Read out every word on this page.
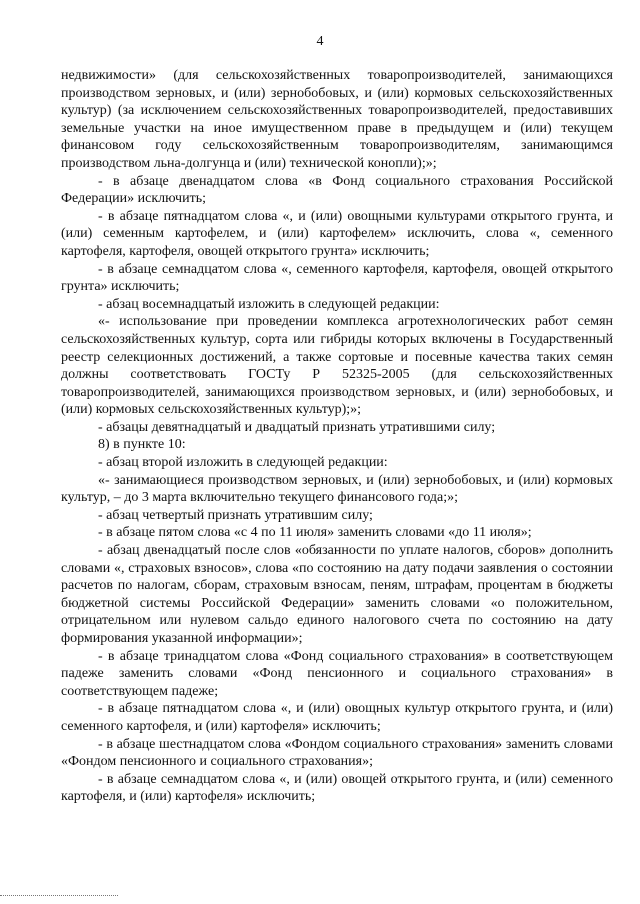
4

недвижимости» (для сельскохозяйственных товаропроизводителей, занимающихся производством зерновых, и (или) зернобобовых, и (или) кормовых сельскохозяйственных культур) (за исключением сельскохозяйственных товаропроизводителей, предоставивших земельные участки на иное имущественном праве в предыдущем и (или) текущем финансовом году сельскохозяйственным товаропроизводителям, занимающимся производством льна-долгунца и (или) технической конопли);»;

- в абзаце двенадцатом слова «в Фонд социального страхования Российской Федерации» исключить;

- в абзаце пятнадцатом слова «, и (или) овощными культурами открытого грунта, и (или) семенным картофелем, и (или) картофелем» исключить, слова «, семенного картофеля, картофеля, овощей открытого грунта» исключить;

- в абзаце семнадцатом слова «, семенного картофеля, картофеля, овощей открытого грунта» исключить;

- абзац восемнадцатый изложить в следующей редакции:

«- использование при проведении комплекса агротехнологических работ семян сельскохозяйственных культур, сорта или гибриды которых включены в Государственный реестр селекционных достижений, а также сортовые и посевные качества таких семян должны соответствовать ГОСТу Р 52325-2005 (для сельскохозяйственных товаропроизводителей, занимающихся производством зерновых, и (или) зернобобовых, и (или) кормовых сельскохозяйственных культур);»;

- абзацы девятнадцатый и двадцатый признать утратившими силу;

8) в пункте 10:

- абзац второй изложить в следующей редакции:

«- занимающиеся производством зерновых, и (или) зернобобовых, и (или) кормовых культур, – до 3 марта включительно текущего финансового года;»;

- абзац четвертый признать утратившим силу;

- в абзаце пятом слова «с 4 по 11 июля» заменить словами «до 11 июля»;

- абзац двенадцатый после слов «обязанности по уплате налогов, сборов» дополнить словами «, страховых взносов», слова «по состоянию на дату подачи заявления о состоянии расчетов по налогам, сборам, страховым взносам, пеням, штрафам, процентам в бюджеты бюджетной системы Российской Федерации» заменить словами «о положительном, отрицательном или нулевом сальдо единого налогового счета по состоянию на дату формирования указанной информации»;

- в абзаце тринадцатом слова «Фонд социального страхования» в соответствующем падеже заменить словами «Фонд пенсионного и социального страхования» в соответствующем падеже;

- в абзаце пятнадцатом слова «, и (или) овощных культур открытого грунта, и (или) семенного картофеля, и (или) картофеля» исключить;

- в абзаце шестнадцатом слова «Фондом социального страхования» заменить словами «Фондом пенсионного и социального страхования»;

- в абзаце семнадцатом слова «, и (или) овощей открытого грунта, и (или) семенного картофеля, и (или) картофеля» исключить;
